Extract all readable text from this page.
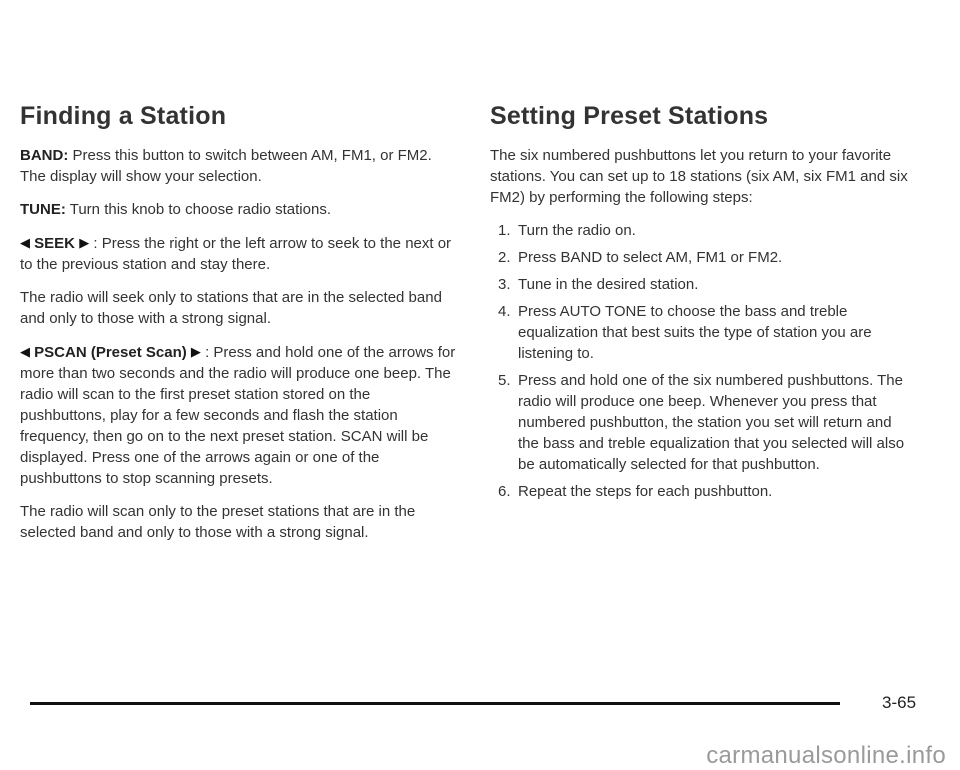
Finding a Station

BAND: Press this button to switch between AM, FM1, or FM2. The display will show your selection.

TUNE: Turn this knob to choose radio stations.

◀ SEEK ▶ : Press the right or the left arrow to seek to the next or to the previous station and stay there.

The radio will seek only to stations that are in the selected band and only to those with a strong signal.

◀ PSCAN (Preset Scan) ▶ : Press and hold one of the arrows for more than two seconds and the radio will produce one beep. The radio will scan to the first preset station stored on the pushbuttons, play for a few seconds and flash the station frequency, then go on to the next preset station. SCAN will be displayed. Press one of the arrows again or one of the pushbuttons to stop scanning presets.

The radio will scan only to the preset stations that are in the selected band and only to those with a strong signal.

Setting Preset Stations

The six numbered pushbuttons let you return to your favorite stations. You can set up to 18 stations (six AM, six FM1 and six FM2) by performing the following steps:

1. Turn the radio on.
2. Press BAND to select AM, FM1 or FM2.
3. Tune in the desired station.
4. Press AUTO TONE to choose the bass and treble equalization that best suits the type of station you are listening to.
5. Press and hold one of the six numbered pushbuttons. The radio will produce one beep. Whenever you press that numbered pushbutton, the station you set will return and the bass and treble equalization that you selected will also be automatically selected for that pushbutton.
6. Repeat the steps for each pushbutton.
3-65
carmanualsonline.info
